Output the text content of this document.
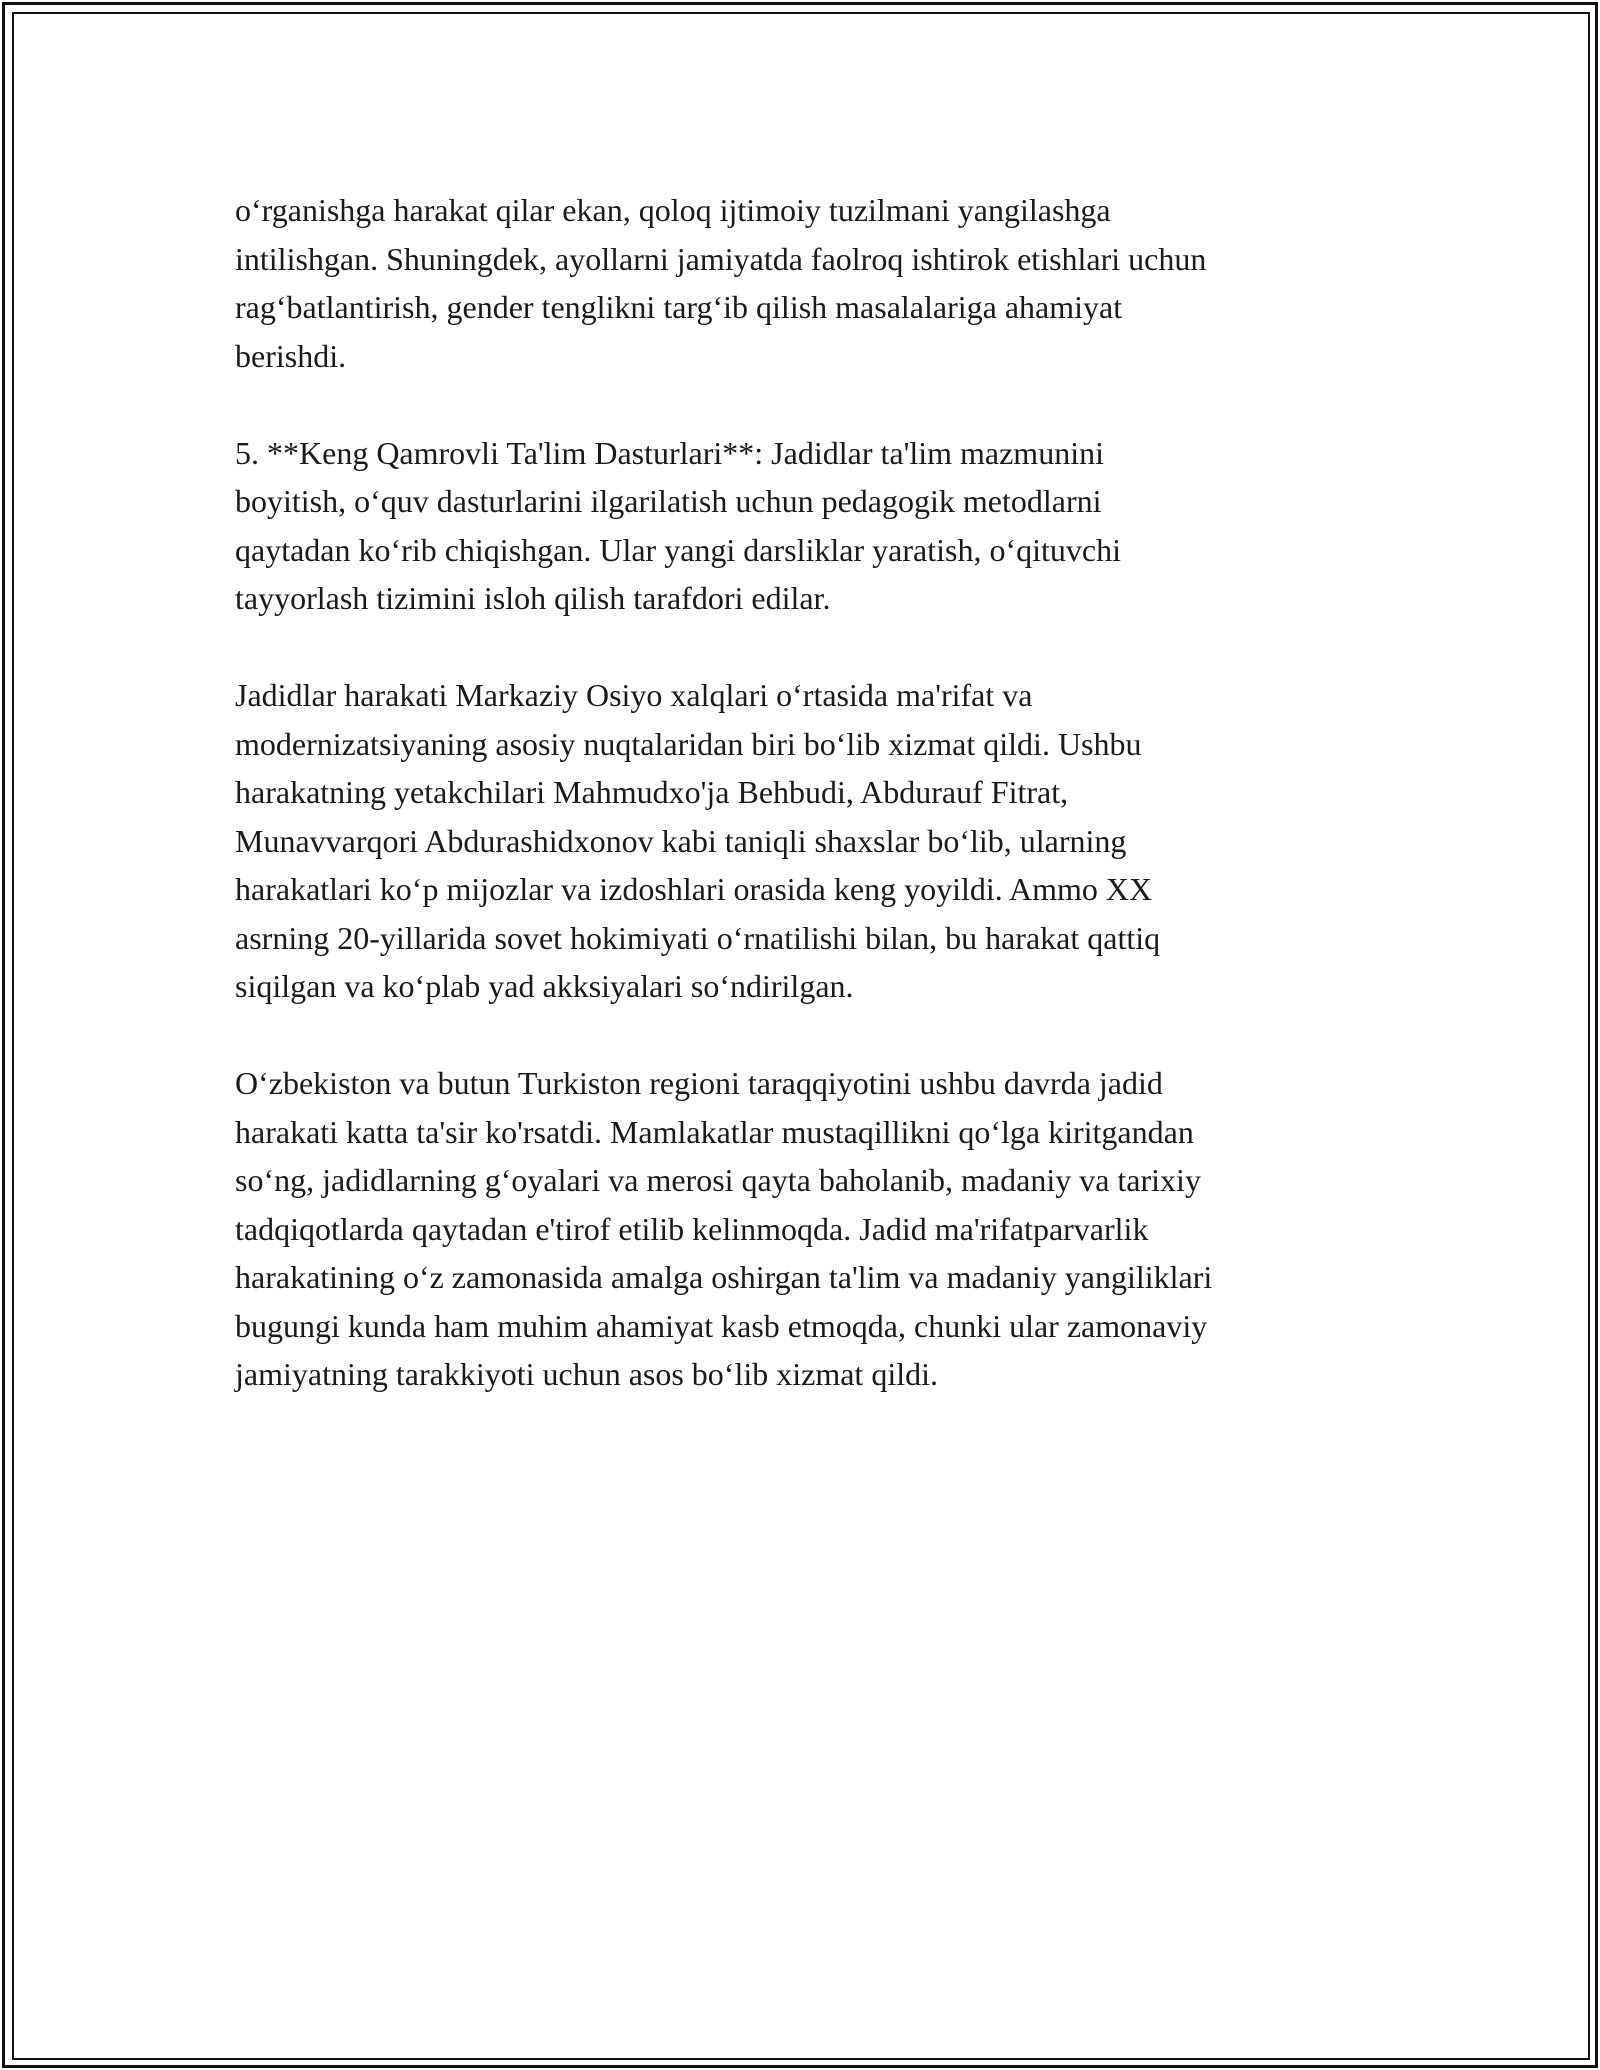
oʻrganishga harakat qilar ekan, qoloq ijtimoiy tuzilmani yangilashga
intilishgan. Shuningdek, ayollarni jamiyatda faolroq ishtirok etishlari uchun
ragʻbatlantirish, gender tenglikni targʻib qilish masalalariga ahamiyat
berishdi.

5. **Keng Qamrovli Ta'lim Dasturlari**: Jadidlar ta'lim mazmunini
boyitish, oʻquv dasturlarini ilgarilatish uchun pedagogik metodlarni
qaytadan koʻrib chiqishgan. Ular yangi darsliklar yaratish, oʻqituvchi
tayyorlash tizimini isloh qilish tarafdori edilar.

Jadidlar harakati Markaziy Osiyo xalqlari oʻrtasida ma'rifat va
modernizatsiyaning asosiy nuqtalaridan biri boʻlib xizmat qildi. Ushbu
harakatning yetakchilari Mahmudxo'ja Behbudi, Abdurauf Fitrat,
Munavvarqori Abdurashidxonov kabi taniqli shaxslar boʻlib, ularning
harakatlari koʻp mijozlar va izdoshlari orasida keng yoyildi. Ammo XX
asrning 20-yillarida sovet hokimiyati oʻrnatilishi bilan, bu harakat qattiq
siqilgan va koʻplab yad akksiyalari soʻndirilgan.

Oʻzbekiston va butun Turkiston regioni taraqqiyotini ushbu davrda jadid
harakati katta ta'sir ko'rsatdi. Mamlakatlar mustaqillikni qoʻlga kiritgandan
soʻng, jadidlarning gʻoyalari va merosi qayta baholanib, madaniy va tarixiy
tadqiqotlarda qaytadan e'tirof etilib kelinmoqda. Jadid ma'rifatparvarlik
harakatining oʻz zamonasida amalga oshirgan ta'lim va madaniy yangiliklari
bugungi kunda ham muhim ahamiyat kasb etmoqda, chunki ular zamonaviy
jamiyatning tarakkiyoti uchun asos boʻlib xizmat qildi.
